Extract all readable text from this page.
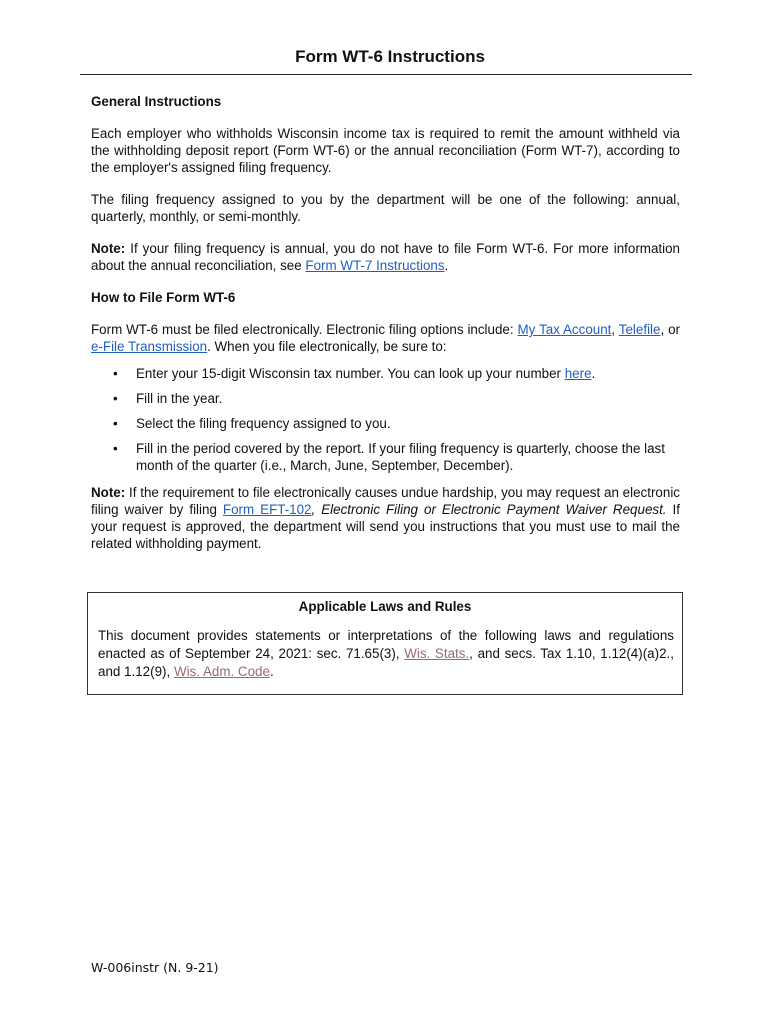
Form WT-6 Instructions

General Instructions

Each employer who withholds Wisconsin income tax is required to remit the amount withheld via the withholding deposit report (Form WT-6) or the annual reconciliation (Form WT-7), according to the employer's assigned filing frequency.

The filing frequency assigned to you by the department will be one of the following: annual, quarterly, monthly, or semi-monthly.

Note: If your filing frequency is annual, you do not have to file Form WT-6. For more information about the annual reconciliation, see Form WT-7 Instructions.

How to File Form WT-6

Form WT-6 must be filed electronically. Electronic filing options include: My Tax Account, Telefile, or e-File Transmission. When you file electronically, be sure to:

• Enter your 15-digit Wisconsin tax number. You can look up your number here.
• Fill in the year.
• Select the filing frequency assigned to you.
• Fill in the period covered by the report. If your filing frequency is quarterly, choose the last month of the quarter (i.e., March, June, September, December).

Note: If the requirement to file electronically causes undue hardship, you may request an electronic filing waiver by filing Form EFT-102, Electronic Filing or Electronic Payment Waiver Request. If your request is approved, the department will send you instructions that you must use to mail the related withholding payment.

Applicable Laws and Rules

This document provides statements or interpretations of the following laws and regulations enacted as of September 24, 2021: sec. 71.65(3), Wis. Stats., and secs. Tax 1.10, 1.12(4)(a)2., and 1.12(9), Wis. Adm. Code.

W-006instr (N. 9-21)
